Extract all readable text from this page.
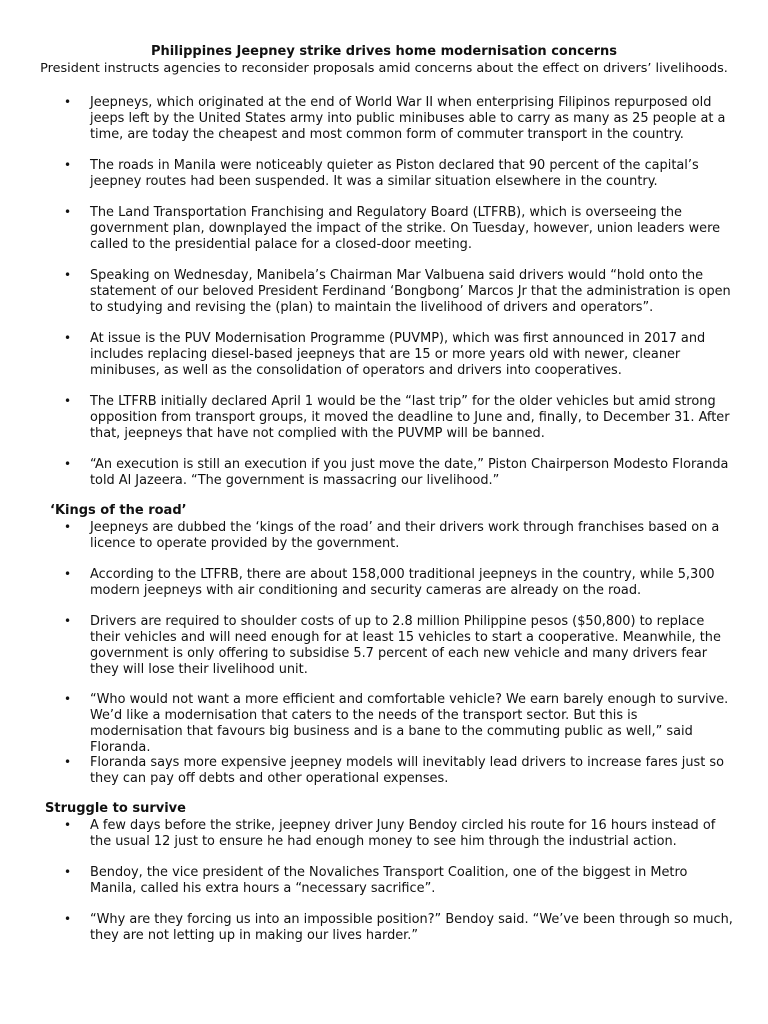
Philippines Jeepney strike drives home modernisation concerns
President instructs agencies to reconsider proposals amid concerns about the effect on drivers’ livelihoods.
• Jeepneys, which originated at the end of World War II when enterprising Filipinos repurposed old jeeps left by the United States army into public minibuses able to carry as many as 25 people at a time, are today the cheapest and most common form of commuter transport in the country.
• The roads in Manila were noticeably quieter as Piston declared that 90 percent of the capital’s jeepney routes had been suspended. It was a similar situation elsewhere in the country.
• The Land Transportation Franchising and Regulatory Board (LTFRB), which is overseeing the government plan, downplayed the impact of the strike. On Tuesday, however, union leaders were called to the presidential palace for a closed-door meeting.
• Speaking on Wednesday, Manibela’s Chairman Mar Valbuena said drivers would “hold onto the statement of our beloved President Ferdinand ‘Bongbong’ Marcos Jr that the administration is open to studying and revising the (plan) to maintain the livelihood of drivers and operators”.
• At issue is the PUV Modernisation Programme (PUVMP), which was first announced in 2017 and includes replacing diesel-based jeepneys that are 15 or more years old with newer, cleaner minibuses, as well as the consolidation of operators and drivers into cooperatives.
• The LTFRB initially declared April 1 would be the “last trip” for the older vehicles but amid strong opposition from transport groups, it moved the deadline to June and, finally, to December 31. After that, jeepneys that have not complied with the PUVMP will be banned.
• “An execution is still an execution if you just move the date,” Piston Chairperson Modesto Floranda told Al Jazeera. “The government is massacring our livelihood.”
‘Kings of the road’
• Jeepneys are dubbed the ‘kings of the road’ and their drivers work through franchises based on a licence to operate provided by the government.
• According to the LTFRB, there are about 158,000 traditional jeepneys in the country, while 5,300 modern jeepneys with air conditioning and security cameras are already on the road.
• Drivers are required to shoulder costs of up to 2.8 million Philippine pesos ($50,800) to replace their vehicles and will need enough for at least 15 vehicles to start a cooperative. Meanwhile, the government is only offering to subsidise 5.7 percent of each new vehicle and many drivers fear they will lose their livelihood unit.
• “Who would not want a more efficient and comfortable vehicle? We earn barely enough to survive. We’d like a modernisation that caters to the needs of the transport sector. But this is modernisation that favours big business and is a bane to the commuting public as well,” said Floranda.
• Floranda says more expensive jeepney models will inevitably lead drivers to increase fares just so they can pay off debts and other operational expenses.
Struggle to survive
• A few days before the strike, jeepney driver Juny Bendoy circled his route for 16 hours instead of the usual 12 just to ensure he had enough money to see him through the industrial action.
• Bendoy, the vice president of the Novaliches Transport Coalition, one of the biggest in Metro Manila, called his extra hours a “necessary sacrifice”.
• “Why are they forcing us into an impossible position?” Bendoy said. “We’ve been through so much, they are not letting up in making our lives harder.”
